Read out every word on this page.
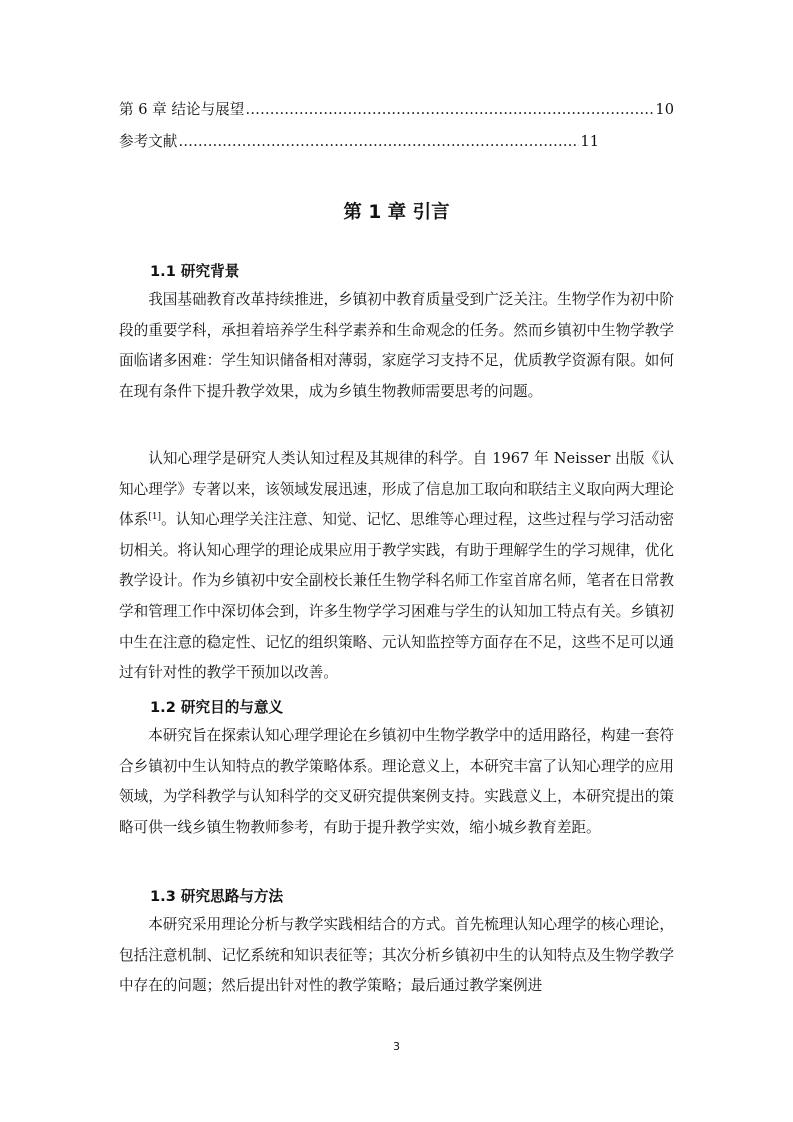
第 6 章 结论与展望 ………………………………………………………………………………………………………………………………………………………………	10
参考文献 ………………………………………………………………………………………………………………………………………………………………	11
第 1 章 引言
1.1 研究背景

我国基础教育改革持续推进，乡镇初中教育质量受到广泛关注。生物学作为初中阶段的重要学科，承担着培养学生科学素养和生命观念的任务。然而乡镇初中生物学教学面临诸多困难：学生知识储备相对薄弱，家庭学习支持不足，优质教学资源有限。如何在现有条件下提升教学效果，成为乡镇生物教师需要思考的问题。

认知心理学是研究人类认知过程及其规律的科学。自 1967 年 Neisser 出版《认知心理学》专著以来，该领域发展迅速，形成了信息加工取向和联结主义取向两大理论体系[1]。认知心理学关注注意、知觉、记忆、思维等心理过程，这些过程与学习活动密切相关。将认知心理学的理论成果应用于教学实践，有助于理解学生的学习规律，优化教学设计。作为乡镇初中安全副校长兼任生物学科名师工作室首席名师，笔者在日常教学和管理工作中深切体会到，许多生物学学习困难与学生的认知加工特点有关。乡镇初中生在注意的稳定性、记忆的组织策略、元认知监控等方面存在不足，这些不足可以通过有针对性的教学干预加以改善。

1.2 研究目的与意义

本研究旨在探索认知心理学理论在乡镇初中生物学教学中的适用路径，构建一套符合乡镇初中生认知特点的教学策略体系。理论意义上，本研究丰富了认知心理学的应用领域，为学科教学与认知科学的交叉研究提供案例支持。实践意义上，本研究提出的策略可供一线乡镇生物教师参考，有助于提升教学实效，缩小城乡教育差距。

1.3 研究思路与方法

本研究采用理论分析与教学实践相结合的方式。首先梳理认知心理学的核心理论，包括注意机制、记忆系统和知识表征等；其次分析乡镇初中生的认知特点及生物学教学中存在的问题；然后提出针对性的教学策略；最后通过教学案例进

3
